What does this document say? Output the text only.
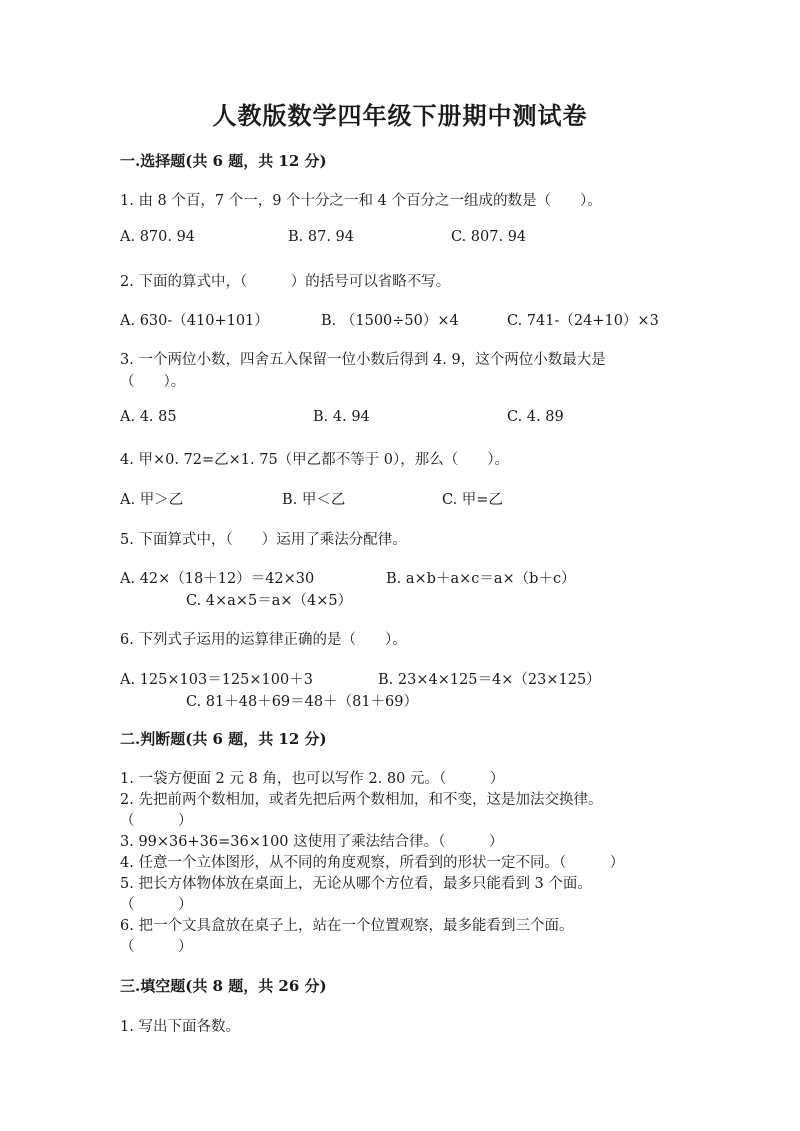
人教版数学四年级下册期中测试卷
一.选择题(共 6 题，共 12 分)
1. 由 8 个百，7 个一，9 个十分之一和 4 个百分之一组成的数是（　　）。
A. 870. 94	B. 87. 94	C. 807. 94
2. 下面的算式中，（　　　）的括号可以省略不写。
A. 630-（410+101）	B. （1500÷50）×4	C. 741-（24+10）×3
3. 一个两位小数，四舍五入保留一位小数后得到 4. 9，这个两位小数最大是
（　　）。
A. 4. 85	B. 4. 94	C. 4. 89
4. 甲×0. 72=乙×1. 75（甲乙都不等于 0），那么（　　）。
A. 甲＞乙	B. 甲＜乙	C. 甲=乙
5. 下面算式中，（　　）运用了乘法分配律。
A. 42×（18＋12）＝42×30	B. a×b＋a×c＝a×（b＋c）
C. 4×a×5＝a×（4×5）
6. 下列式子运用的运算律正确的是（　　）。
A. 125×103＝125×100＋3	B. 23×4×125＝4×（23×125）
C. 81＋48＋69＝48＋（81＋69）
二.判断题(共 6 题，共 12 分)
1. 一袋方便面 2 元 8 角，也可以写作 2. 80 元。（　　　）
2. 先把前两个数相加，或者先把后两个数相加，和不变，这是加法交换律。
（　　　）
3. 99×36+36=36×100 这使用了乘法结合律。（　　　）
4. 任意一个立体图形，从不同的角度观察，所看到的形状一定不同。（　　　）
5. 把长方体物体放在桌面上，无论从哪个方位看，最多只能看到 3 个面。
（　　　）
6. 把一个文具盒放在桌子上，站在一个位置观察，最多能看到三个面。
（　　　）
三.填空题(共 8 题，共 26 分)
1. 写出下面各数。
